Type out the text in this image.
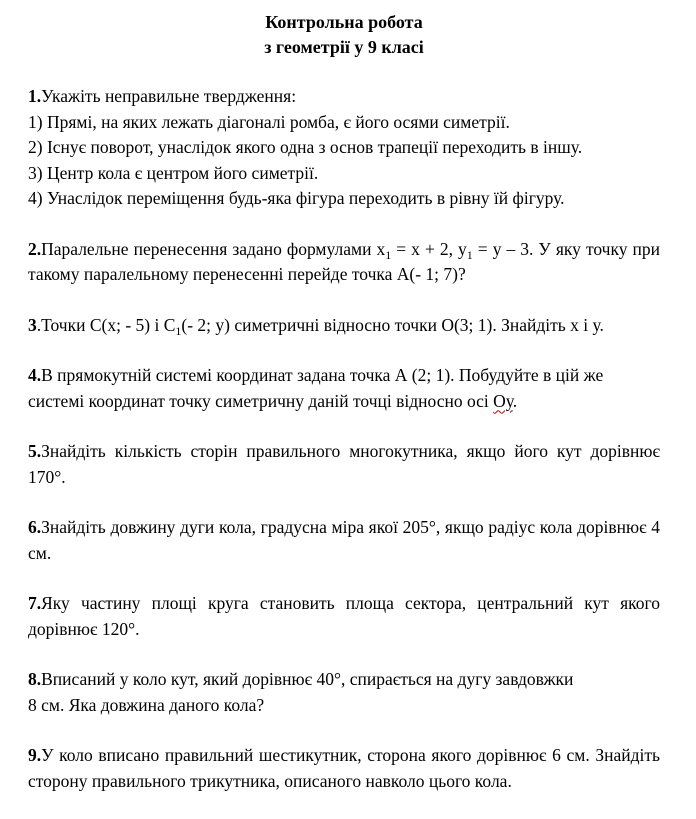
Контрольна робота
з геометрії у 9 класі
1.Укажіть неправильне твердження:
1) Прямі, на яких лежать діагоналі ромба, є його осями симетрії.
2) Існує поворот, унаслідок якого одна з основ трапеції переходить в іншу.
3) Центр кола є центром його симетрії.
4) Унаслідок переміщення будь-яка фігура переходить в рівну їй фігуру.
2.Паралельне перенесення задано формулами $x_1 = x + 2$, $y_1 = y - 3$. У яку точку при такому паралельному перенесенні перейде точка А(- 1; 7)?
3.Точки С(х; - 5) і $С_1(-$ 2; у) симетричні відносно точки О(3; 1). Знайдіть х і у.
4.В прямокутній системі координат задана точка А (2; 1). Побудуйте в цій же системі координат точку симетричну даній точці відносно осі Оу.
5.Знайдіть кількість сторін правильного многокутника, якщо його кут дорівнює 170°.
6.Знайдіть довжину дуги кола, градусна міра якої 205°, якщо радіус кола дорівнює 4 см.
7.Яку частину площі круга становить площа сектора, центральний кут якого дорівнює 120°.
8.Вписаний у коло кут, який дорівнює 40°, спирається на дугу завдовжки
8 см. Яка довжина даного кола?
9.У коло вписано правильний шестикутник, сторона якого дорівнює 6 см. Знайдіть сторону правильного трикутника, описаного навколо цього кола.
